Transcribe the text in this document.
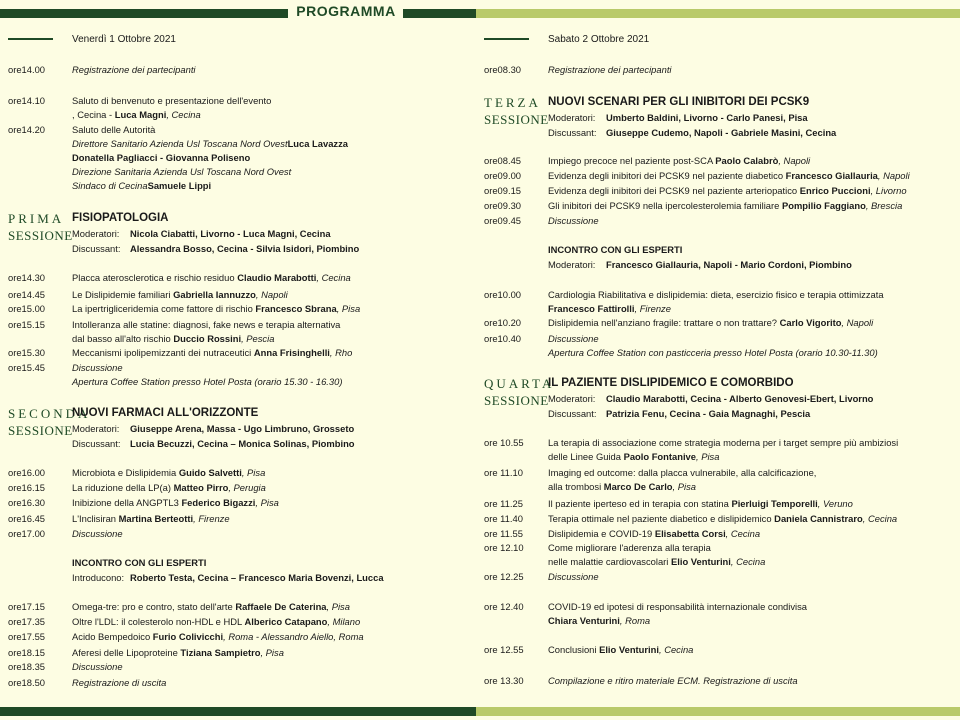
PROGRAMMA
Venerdì 1 Ottobre 2021	Sabato 2 Ottobre 2021
ore14.00	Registrazione dei partecipanti
ore14.10	Saluto di benvenuto e presentazione dell'evento
, Cecina - Luca Magni, Cecina
ore14.20	Saluto delle Autorità
Direttore Sanitario Azienda Usl Toscana Nord OvestLuca Lavazza
Donatella Pagliacci - Giovanna Poliseno
Direzione Sanitaria Azienda Usl Toscana Nord Ovest
Sindaco di CecinaSamuele Lippi
PRIMA
SESSIONE
FISIOPATOLOGIA
Moderatori: Nicola Ciabatti, Livorno - Luca Magni, Cecina
Discussant: Alessandra Bosso, Cecina - Silvia Isidori, Piombino
ore14.30	Placca aterosclerotica e rischio residuo Claudio Marabotti, Cecina
ore14.45	Le Dislipidemie familiari Gabriella Iannuzzo, Napoli
ore15.00	La ipertrigliceridemia come fattore di rischio Francesco Sbrana, Pisa
ore15.15	Intolleranza alle statine: diagnosi, fake news e terapia alternativa
dal basso all'alto rischio Duccio Rossini, Pescia
ore15.30	Meccanismi ipolipemizzanti dei nutraceutici Anna Frisinghelli, Rho
ore15.45	Discussione
Apertura Coffee Station presso Hotel Posta (orario 15.30 - 16.30)
SECONDA
SESSIONE
NUOVI FARMACI ALL'ORIZZONTE
Moderatori: Giuseppe Arena, Massa - Ugo Limbruno, Grosseto
Discussant: Lucia Becuzzi, Cecina – Monica Solinas, Piombino
ore16.00	Microbiota e Dislipidemia Guido Salvetti, Pisa
ore16.15	La riduzione della LP(a) Matteo Pirro, Perugia
ore16.30	Inibizione della ANGPTL3 Federico Bigazzi, Pisa
ore16.45	L'Inclisiran Martina Berteotti, Firenze
ore17.00	Discussione
INCONTRO CON GLI ESPERTI
Introducono: Roberto Testa, Cecina – Francesco Maria Bovenzi, Lucca
ore17.15	Omega-tre: pro e contro, stato dell'arte Raffaele De Caterina, Pisa
ore17.35	Oltre l'LDL: il colesterolo non-HDL e HDL Alberico Catapano, Milano
ore17.55	Acido Bempedoico Furio Colivicchi, Roma - Alessandro Aiello, Roma
ore18.15	Aferesi delle Lipoproteine Tiziana Sampietro, Pisa
ore18.35	Discussione
ore18.50	Registrazione di uscita
ore08.30	Registrazione dei partecipanti
TERZA
SESSIONE
NUOVI SCENARI PER GLI INIBITORI DEI PCSK9
Moderatori: Umberto Baldini, Livorno - Carlo Panesi, Pisa
Discussant: Giuseppe Cudemo, Napoli - Gabriele Masini, Cecina
ore08.45	Impiego precoce nel paziente post-SCA Paolo Calabrò, Napoli
ore09.00	Evidenza degli inibitori dei PCSK9 nel paziente diabetico Francesco Giallauria, Napoli
ore09.15	Evidenza degli inibitori dei PCSK9 nel paziente arteriopatico Enrico Puccioni, Livorno
ore09.30	Gli inibitori dei PCSK9 nella ipercolesterolemia familiare Pompilio Faggiano, Brescia
ore09.45	Discussione
INCONTRO CON GLI ESPERTI
Moderatori: Francesco Giallauria, Napoli - Mario Cordoni, Piombino
ore10.00	Cardiologia Riabilitativa e dislipidemia: dieta, esercizio fisico e terapia ottimizzata
Francesco Fattirolli, Firenze
ore10.20	Dislipidemia nell'anziano fragile: trattare o non trattare? Carlo Vigorito, Napoli
ore10.40	Discussione
Apertura Coffee Station con pasticceria presso Hotel Posta (orario 10.30-11.30)
QUARTA
SESSIONE
IL PAZIENTE DISLIPIDEMICO E COMORBIDO
Moderatori: Claudio Marabotti, Cecina - Alberto Genovesi-Ebert, Livorno
Discussant: Patrizia Fenu, Cecina - Gaia Magnaghi, Pescia
ore 10.55	La terapia di associazione come strategia moderna per i target sempre più ambiziosi
delle Linee Guida Paolo Fontanive, Pisa
ore 11.10	Imaging ed outcome: dalla placca vulnerabile, alla calcificazione,
alla trombosi Marco De Carlo, Pisa
ore 11.25	Il paziente iperteso ed in terapia con statina Pierluigi Temporelli, Veruno
ore 11.40	Terapia ottimale nel paziente diabetico e dislipidemico Daniela Cannistraro, Cecina
ore 11.55	Dislipidemia e COVID-19 Elisabetta Corsi, Cecina
ore 12.10	Come migliorare l'aderenza alla terapia
nelle malattie cardiovascolari Elio Venturini, Cecina
ore 12.25	Discussione
ore 12.40	COVID-19 ed ipotesi di responsabilità internazionale condivisa
Chiara Venturini, Roma
ore 12.55	Conclusioni Elio Venturini, Cecina
ore 13.30	Compilazione e ritiro materiale ECM. Registrazione di uscita
